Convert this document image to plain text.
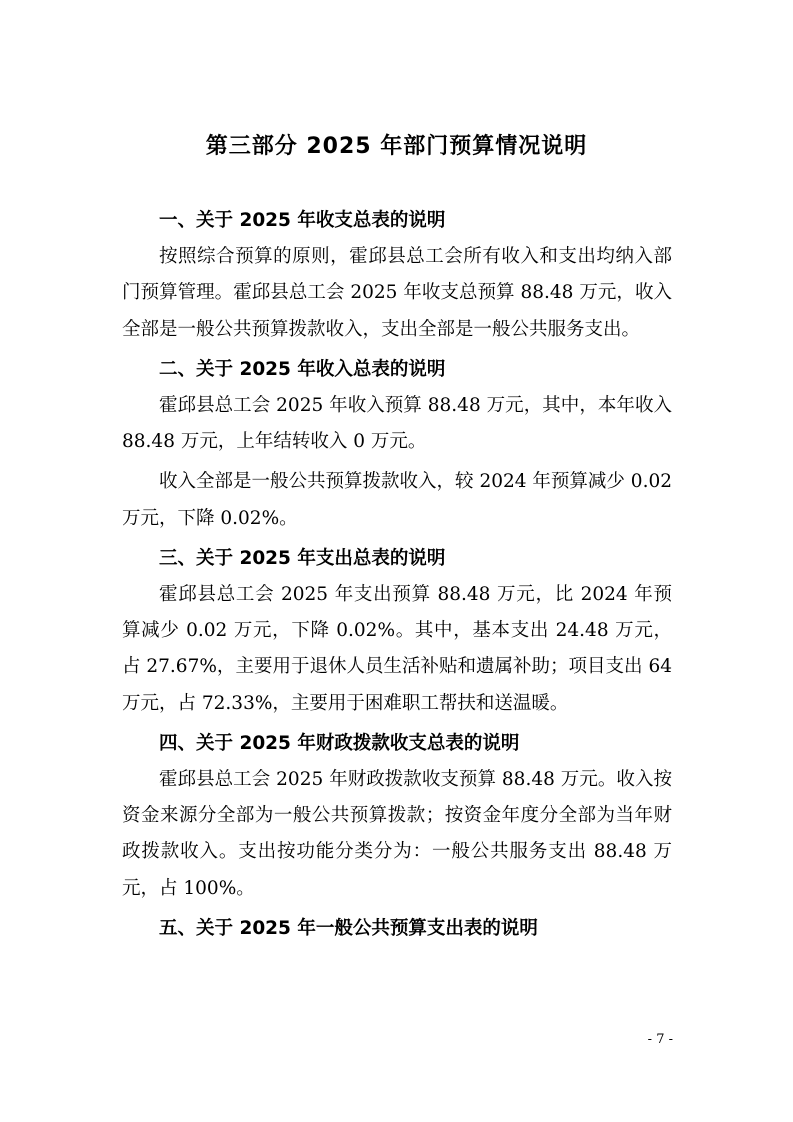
第三部分 2025 年部门预算情况说明
一、关于 2025 年收支总表的说明

按照综合预算的原则，霍邱县总工会所有收入和支出均纳入部门预算管理。霍邱县总工会 2025 年收支总预算 88.48 万元，收入全部是一般公共预算拨款收入，支出全部是一般公共服务支出。

二、关于 2025 年收入总表的说明

霍邱县总工会 2025 年收入预算 88.48 万元，其中，本年收入 88.48 万元，上年结转收入 0 万元。

收入全部是一般公共预算拨款收入，较 2024 年预算减少 0.02 万元，下降 0.02%。

三、关于 2025 年支出总表的说明

霍邱县总工会 2025 年支出预算 88.48 万元，比 2024 年预算减少 0.02 万元，下降 0.02%。其中，基本支出 24.48 万元，占 27.67%，主要用于退休人员生活补贴和遗属补助；项目支出 64 万元，占 72.33%，主要用于困难职工帮扶和送温暖。

四、关于 2025 年财政拨款收支总表的说明

霍邱县总工会 2025 年财政拨款收支预算 88.48 万元。收入按资金来源分全部为一般公共预算拨款；按资金年度分全部为当年财政拨款收入。支出按功能分类分为：一般公共服务支出 88.48 万元，占 100%。

五、关于 2025 年一般公共预算支出表的说明
- 7 -
